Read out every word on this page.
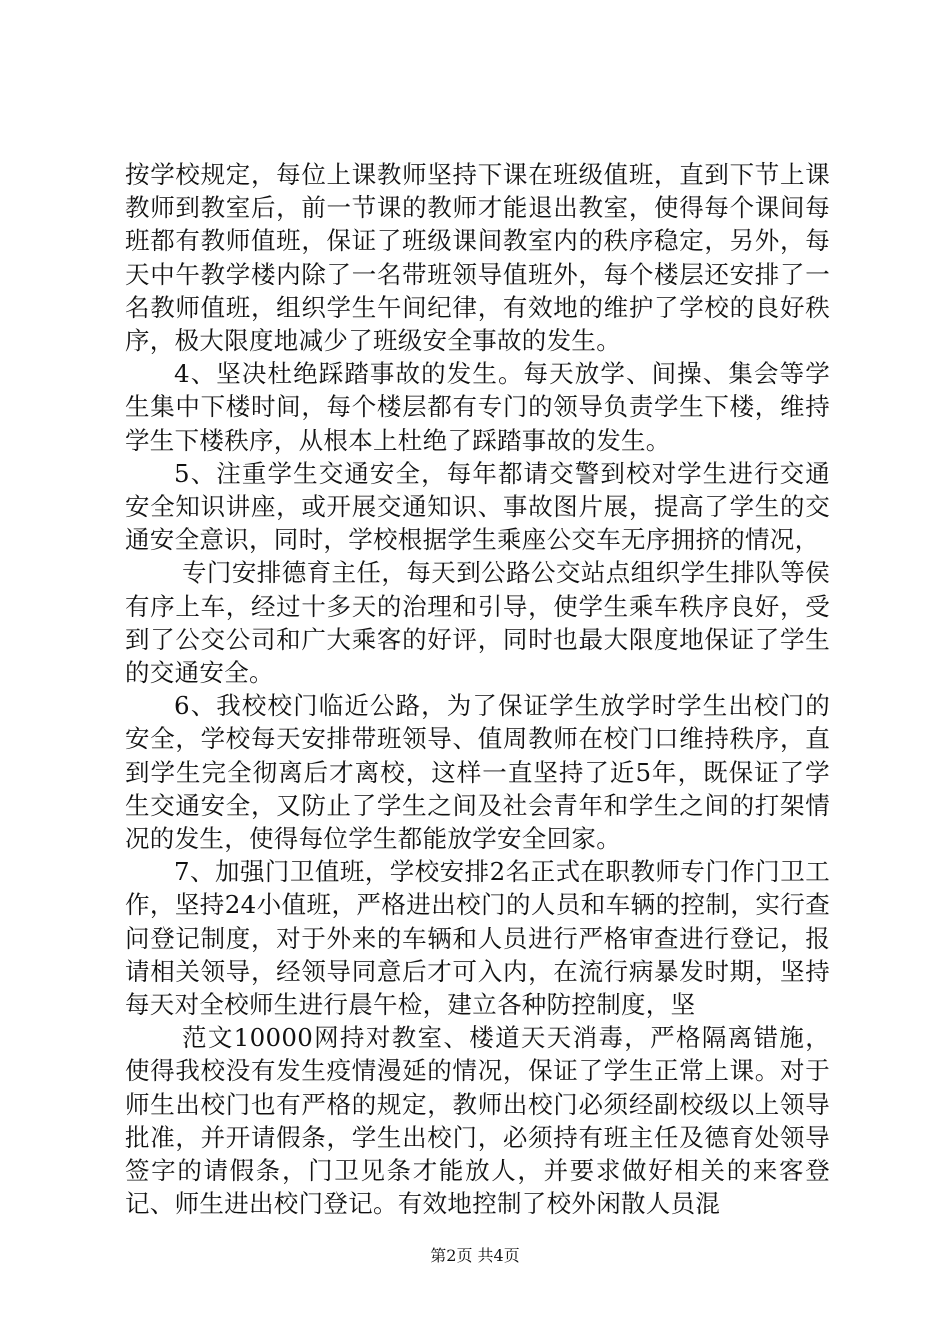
按学校规定，每位上课教师坚持下课在班级值班，直到下节上课教师到教室后，前一节课的教师才能退出教室，使得每个课间每班都有教师值班，保证了班级课间教室内的秩序稳定，另外，每天中午教学楼内除了一名带班领导值班外，每个楼层还安排了一名教师值班，组织学生午间纪律，有效地的维护了学校的良好秩序，极大限度地减少了班级安全事故的发生。

4、坚决杜绝踩踏事故的发生。每天放学、间操、集会等学生集中下楼时间，每个楼层都有专门的领导负责学生下楼，维持学生下楼秩序，从根本上杜绝了踩踏事故的发生。

5、注重学生交通安全，每年都请交警到校对学生进行交通安全知识讲座，或开展交通知识、事故图片展，提高了学生的交通安全意识，同时，学校根据学生乘座公交车无序拥挤的情况，

专门安排德育主任，每天到公路公交站点组织学生排队等侯有序上车，经过十多天的治理和引导，使学生乘车秩序良好，受到了公交公司和广大乘客的好评，同时也最大限度地保证了学生的交通安全。

6、我校校门临近公路，为了保证学生放学时学生出校门的安全，学校每天安排带班领导、值周教师在校门口维持秩序，直到学生完全彻离后才离校，这样一直坚持了近5年，既保证了学生交通安全，又防止了学生之间及社会青年和学生之间的打架情况的发生，使得每位学生都能放学安全回家。

7、加强门卫值班，学校安排2名正式在职教师专门作门卫工作，坚持24小值班，严格进出校门的人员和车辆的控制，实行查问登记制度，对于外来的车辆和人员进行严格审查进行登记，报请相关领导，经领导同意后才可入内，在流行病暴发时期，坚持每天对全校师生进行晨午检，建立各种防控制度，坚

范文10000网持对教室、楼道天天消毒，严格隔离错施，使得我校没有发生疫情漫延的情况，保证了学生正常上课。对于师生出校门也有严格的规定，教师出校门必须经副校级以上领导批准，并开请假条，学生出校门，必须持有班主任及德育处领导签字的请假条，门卫见条才能放人，并要求做好相关的来客登记、师生进出校门登记。有效地控制了校外闲散人员混

第2页 共4页
